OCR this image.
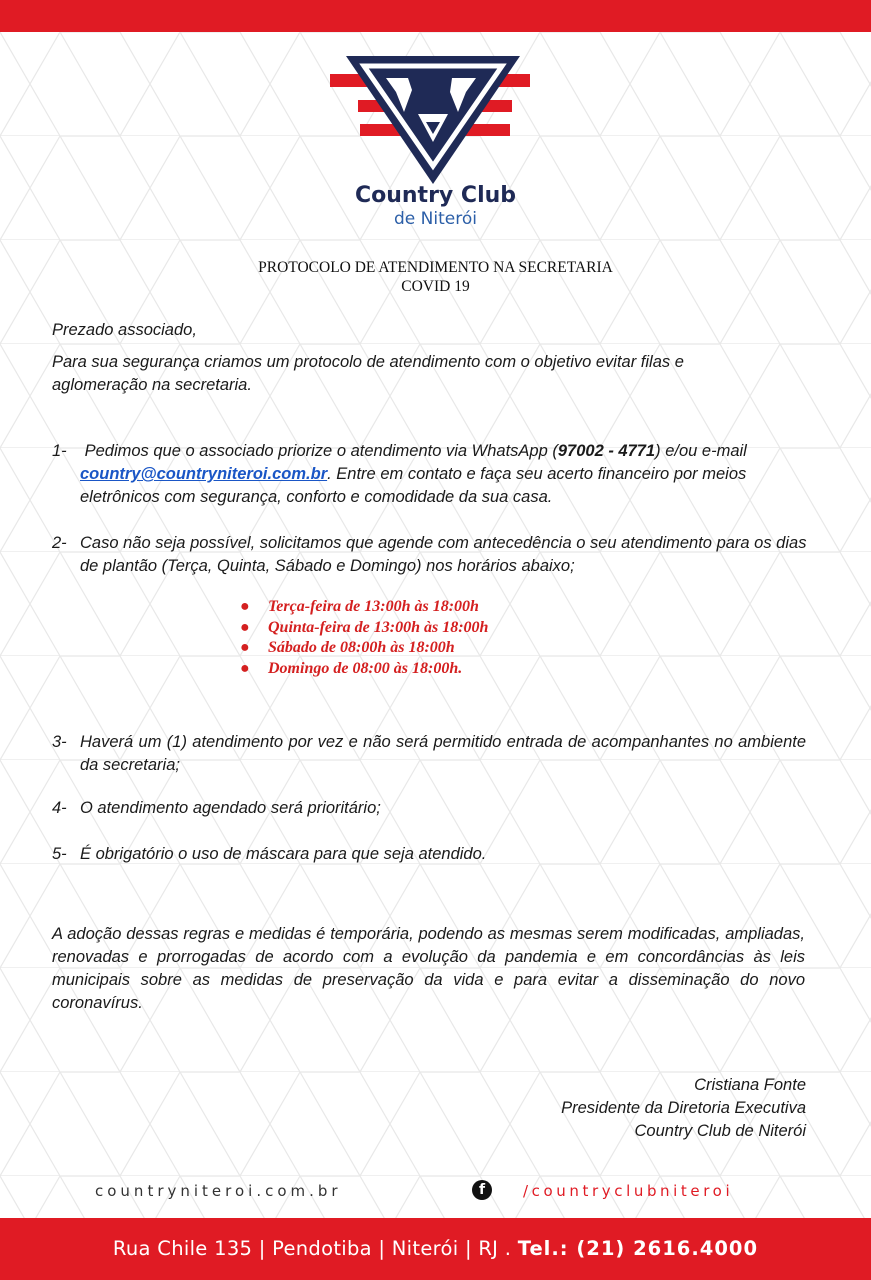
Country Club
de Niterói
PROTOCOLO DE ATENDIMENTO NA SECRETARIA
COVID 19
Prezado associado,
Para sua segurança criamos um protocolo de atendimento com o objetivo evitar filas e aglomeração na secretaria.
1- Pedimos que o associado priorize o atendimento via WhatsApp (97002 - 4771) e/ou e-mail country@countryniteroi.com.br. Entre em contato e faça seu acerto financeiro por meios eletrônicos com segurança, conforto e comodidade da sua casa.
2- Caso não seja possível, solicitamos que agende com antecedência o seu atendimento para os dias de plantão (Terça, Quinta, Sábado e Domingo) nos horários abaixo;
● Terça-feira de 13:00h às 18:00h
● Quinta-feira de 13:00h às 18:00h
● Sábado de 08:00h às 18:00h
● Domingo de 08:00 às 18:00h.
3- Haverá um (1) atendimento por vez e não será permitido entrada de acompanhantes no ambiente da secretaria;
4- O atendimento agendado será prioritário;
5- É obrigatório o uso de máscara para que seja atendido.
A adoção dessas regras e medidas é temporária, podendo as mesmas serem modificadas, ampliadas, renovadas e prorrogadas de acordo com a evolução da pandemia e em concordâncias às leis municipais sobre as medidas de preservação da vida e para evitar a disseminação do novo coronavírus.
Cristiana Fonte
Presidente da Diretoria Executiva
Country Club de Niterói
countryniteroi.com.br	f	/countryclubniteroi
Rua Chile 135 | Pendotiba | Niterói | RJ . Tel.: (21) 2616.4000
